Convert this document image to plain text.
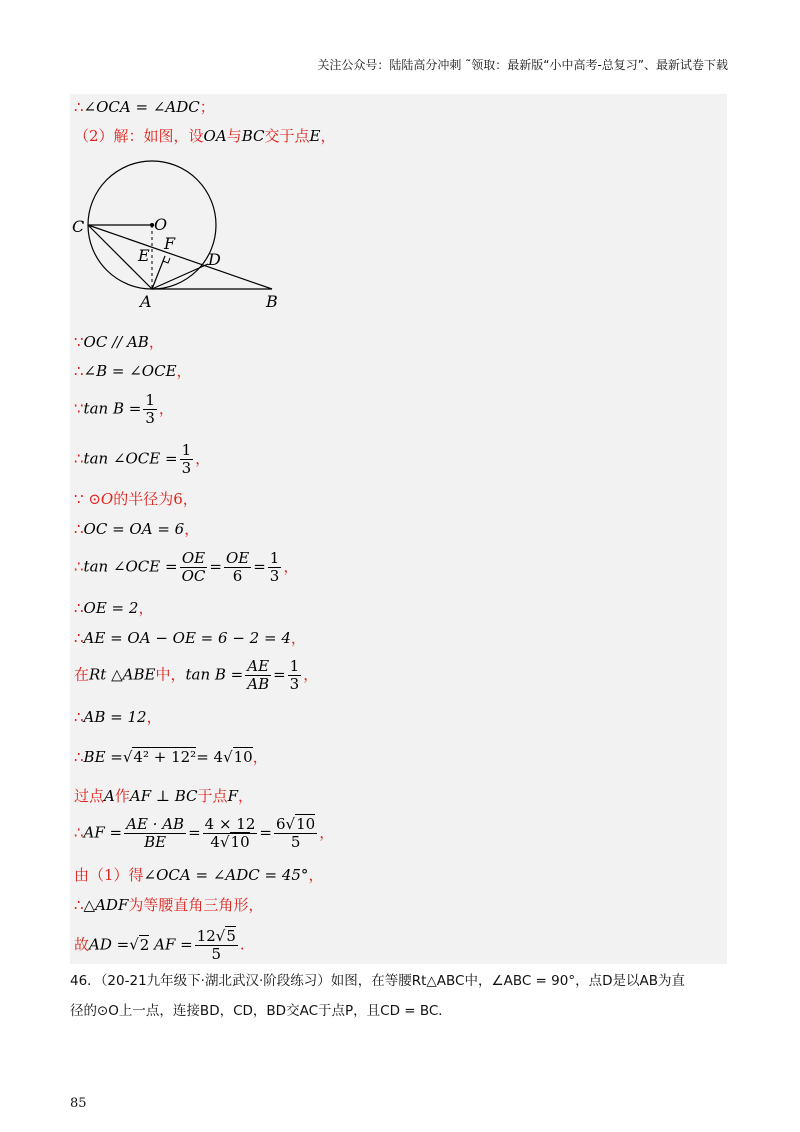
关注公众号：陆陆高分冲刺 ˜领取：最新版“小中高考-总复习”、最新试卷下载
∴∠OCA = ∠ADC；
（2）解：如图，设OA与BC交于点E，
C	O
F
E	D
A	B
∵OC // AB，
∴∠B = ∠OCE，
∵tan $B = \frac{1}{3}$ ，
∴tan ∠OCE = $\frac{1}{3}$ ，
∵ ⊙O的半径为6，
∴OC = OA = 6，
∴tan ∠OCE = $\frac{OE}{OC} = \frac{OE}{6} = \frac{1}{3}$ ，
∴OE = 2，
∴AE = OA − OE = 6 − 2 = 4，
在Rt △ABE中，$\tan B = \frac{AE}{AB} = \frac{1}{3}$ ，
∴AB = 12，
∴BE =√4² + 12²= 4√10，
过点A作AF ⊥ BC于点F，
∴AF = $\frac{AE \cdot AB}{BE} = \frac{4 \times 12}{4√10} = \frac{6√10}{5}$ ，
由（1）得∠OCA = ∠ADC = 45°，
∴△ADF为等腰直角三角形，
故AD =√2 AF = $\frac{12√5}{5}$ .
46．（20-21九年级下·湖北武汉·阶段练习）如图，在等腰Rt△ABC中，∠ABC = 90°，点D是以AB为直
径的⊙O上一点，连接BD，CD，BD交AC于点P，且CD = BC．
85
